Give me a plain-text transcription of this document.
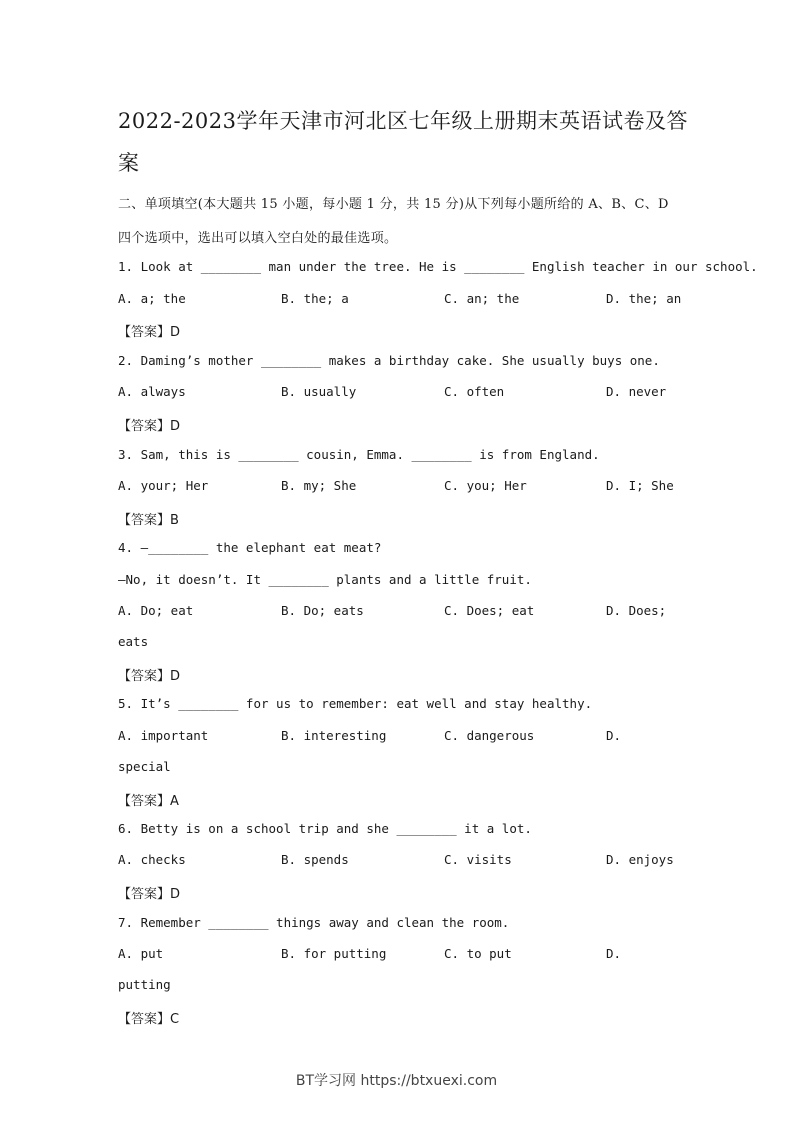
2022-2023学年天津市河北区七年级上册期末英语试卷及答案
二、单项填空(本大题共 15 小题，每小题 1 分，共 15 分)从下列每小题所给的 A、B、C、D 四个选项中，选出可以填入空白处的最佳选项。
1. Look at ________ man under the tree. He is ________ English teacher in our school.
A. a; the	B. the; a	C. an; the	D. the; an
【答案】D
2. Daming’s mother ________ makes a birthday cake. She usually buys one.
A. always	B. usually	C. often	D. never
【答案】D
3. Sam, this is ________ cousin, Emma. ________ is from England.
A. your; Her	B. my; She	C. you; Her	D. I; She
【答案】B
4. —________ the elephant eat meat?
—No, it doesn’t. It ________ plants and a little fruit.
A. Do; eat	B. Do; eats	C. Does; eat	D. Does;
eats
【答案】D
5. It’s ________ for us to remember: eat well and stay healthy.
A. important	B. interesting	C. dangerous	D.
special
【答案】A
6. Betty is on a school trip and she ________ it a lot.
A. checks	B. spends	C. visits	D. enjoys
【答案】D
7. Remember ________ things away and clean the room.
A. put	B. for putting	C. to put	D.
putting
【答案】C
BT学习网 https://btxuexi.com
